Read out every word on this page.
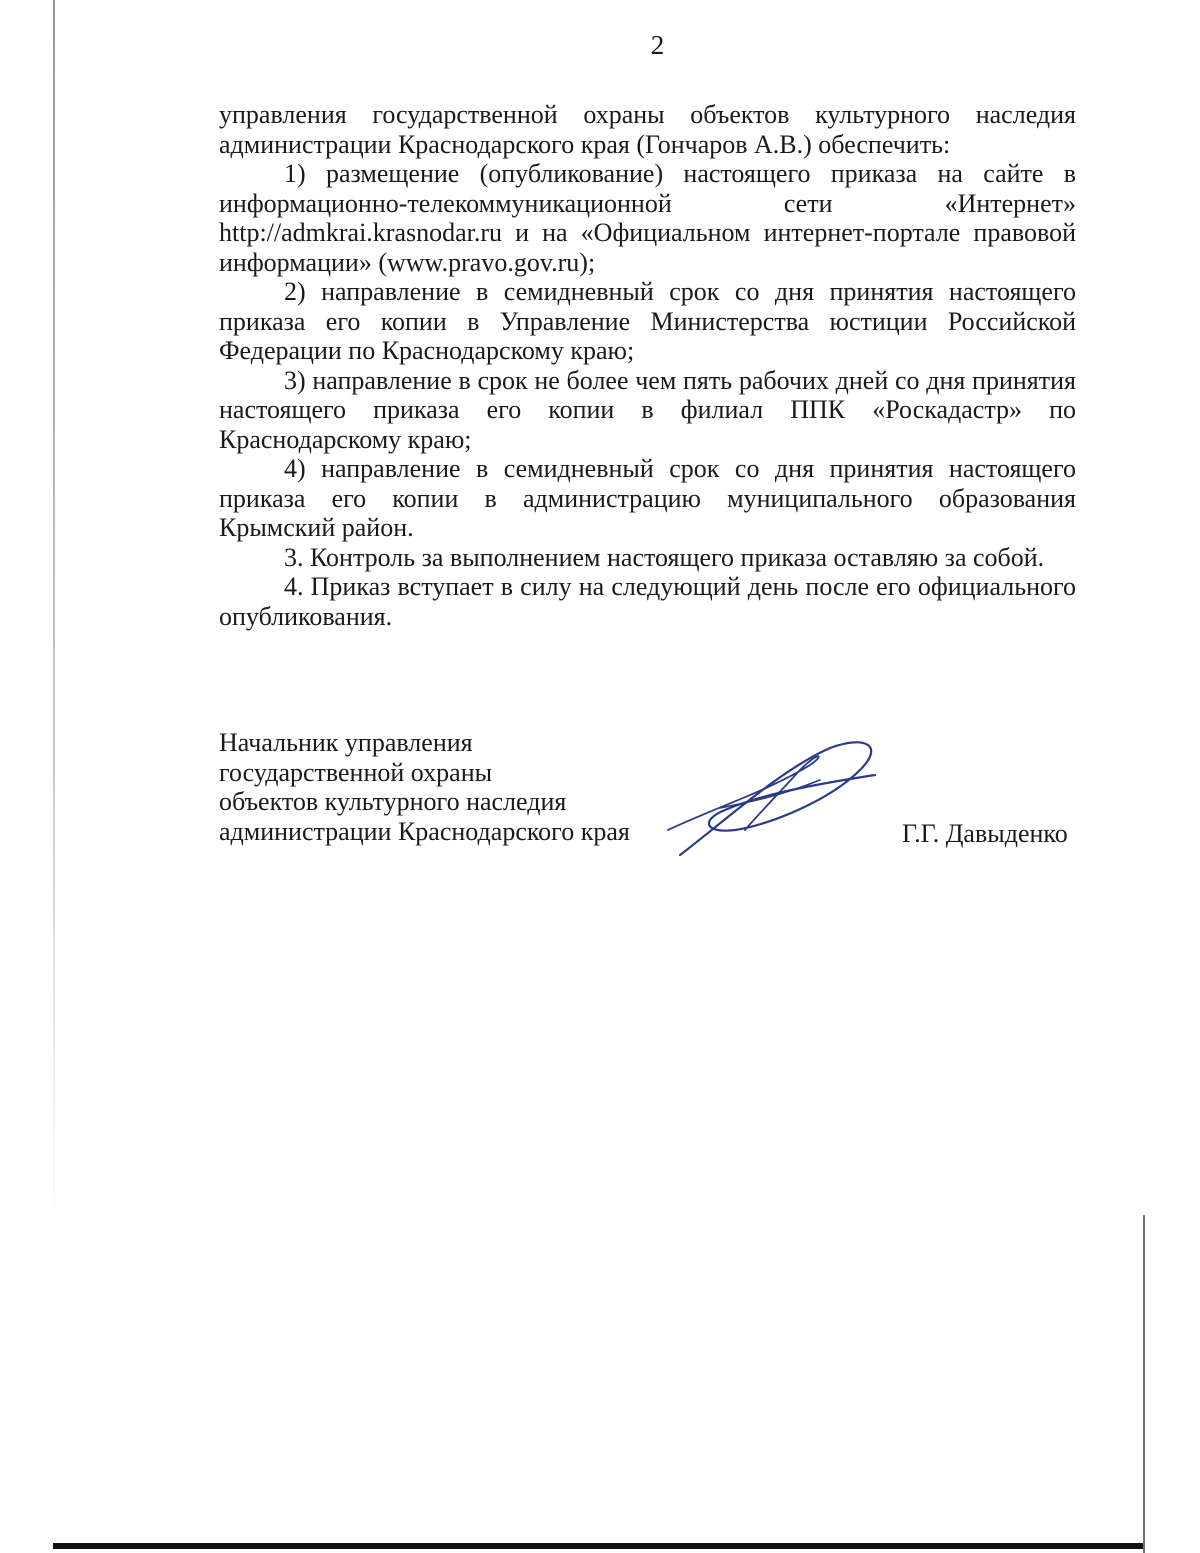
2

управления государственной охраны объектов культурного наследия администрации Краснодарского края (Гончаров А.В.) обеспечить:

1) размещение (опубликование) настоящего приказа на сайте в информационно-телекоммуникационной сети «Интернет» http://admkrai.krasnodar.ru и на «Официальном интернет-портале правовой информации» (www.pravo.gov.ru);

2) направление в семидневный срок со дня принятия настоящего приказа его копии в Управление Министерства юстиции Российской Федерации по Краснодарскому краю;

3) направление в срок не более чем пять рабочих дней со дня принятия настоящего приказа его копии в филиал ППК «Роскадастр» по Краснодарскому краю;

4) направление в семидневный срок со дня принятия настоящего приказа его копии в администрацию муниципального образования Крымский район.

3. Контроль за выполнением настоящего приказа оставляю за собой.

4. Приказ вступает в силу на следующий день после его официального опубликования.

Начальник управления
государственной охраны
объектов культурного наследия
администрации Краснодарского края	Г.Г. Давыденко
